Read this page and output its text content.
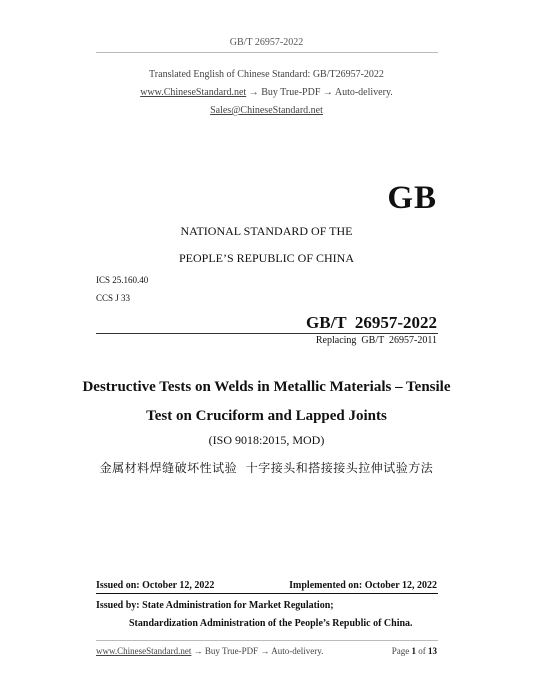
GB/T 26957-2022
Translated English of Chinese Standard: GB/T26957-2022
www.ChineseStandard.net → Buy True-PDF → Auto-delivery.
Sales@ChineseStandard.net
GB
NATIONAL STANDARD OF THE
PEOPLE’S REPUBLIC OF CHINA
ICS 25.160.40
CCS J 33
GB/T  26957-2022
Replacing  GB/T  26957-2011
Destructive Tests on Welds in Metallic Materials – Tensile
Test on Cruciform and Lapped Joints
(ISO 9018:2015, MOD)
金属材料焊缝破坏性试验  十字接头和搭接接头拉伸试验方法
Issued on: October 12, 2022	Implemented on: October 12, 2022
Issued by: State Administration for Market Regulation;
Standardization Administration of the People’s Republic of China.
www.ChineseStandard.net → Buy True-PDF → Auto-delivery.	Page 1 of 13
